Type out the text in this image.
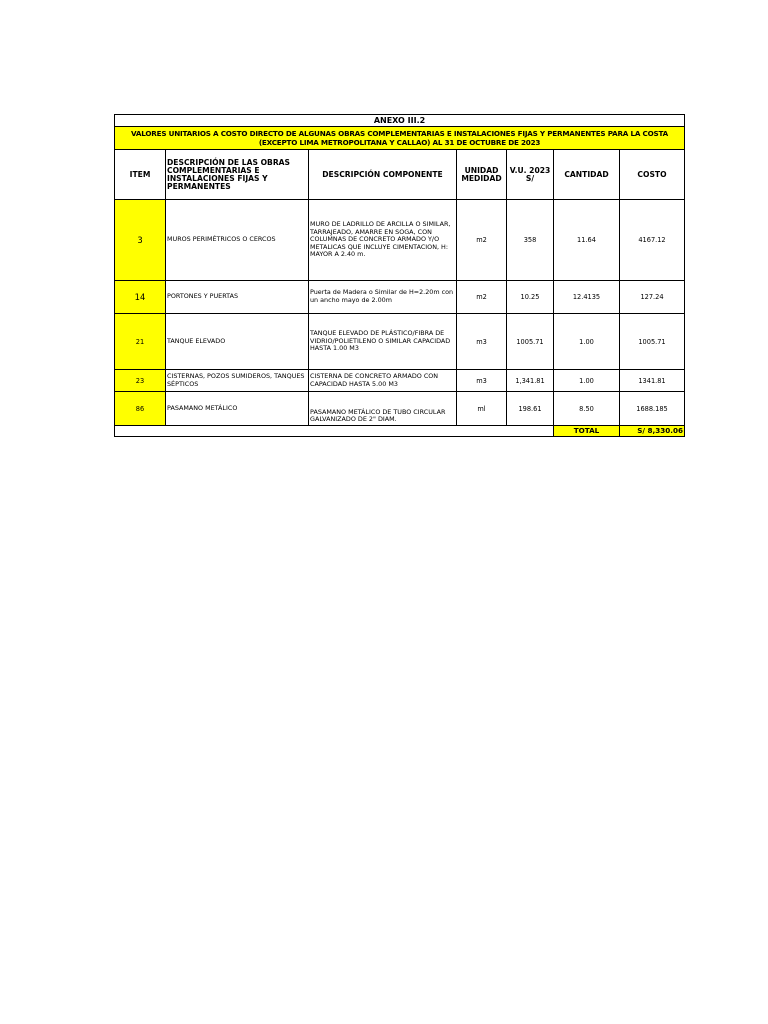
ANEXO III.2						
VALORES UNITARIOS A COSTO DIRECTO DE ALGUNAS OBRAS COMPLEMENTARIAS E INSTALACIONES FIJAS Y PERMANENTES PARA LA COSTA (EXCEPTO LIMA METROPOLITANA Y CALLAO) AL 31 DE OCTUBRE DE 2023						
ITEM	DESCRIPCIÓN DE LAS OBRAS COMPLEMENTARIAS E INSTALACIONES FIJAS Y PERMANENTES	DESCRIPCIÓN COMPONENTE	UNIDAD MEDIDAD	V.U. 2023 S/	CANTIDAD	COSTO
3	MUROS PERIMÉTRICOS O CERCOS	MURO DE LADRILLO DE ARCILLA O SIMILAR, TARRAJEADO, AMARRE EN SOGA, CON COLUMNAS DE CONCRETO ARMADO Y/O METALICAS QUE INCLUYE CIMENTACION, H: MAYOR A 2.40 m.	m2	358	11.64	4167.12
14	PORTONES Y PUERTAS	Puerta de Madera o Similar de H=2.20m con un ancho mayo de 2.00m	m2	10.25	12.4135	127.24
21	TANQUE ELEVADO	TANQUE ELEVADO DE PLÁSTICO/FIBRA DE VIDRIO/POLIETILENO O SIMILAR CAPACIDAD HASTA 1.00 M3	m3	1005.71	1.00	1005.71
23	CISTERNAS, POZOS SUMIDEROS, TANQUES SÉPTICOS	CISTERNA DE CONCRETO ARMADO CON CAPACIDAD HASTA 5.00 M3	m3	1,341.81	1.00	1341.81
86	PASAMANO METÁLICO	PASAMANO METÁLICO DE TUBO CIRCULAR GALVANIZADO DE 2" DIAM.	ml	198.61	8.50	1688.185
					TOTAL	S/ 8,330.06
